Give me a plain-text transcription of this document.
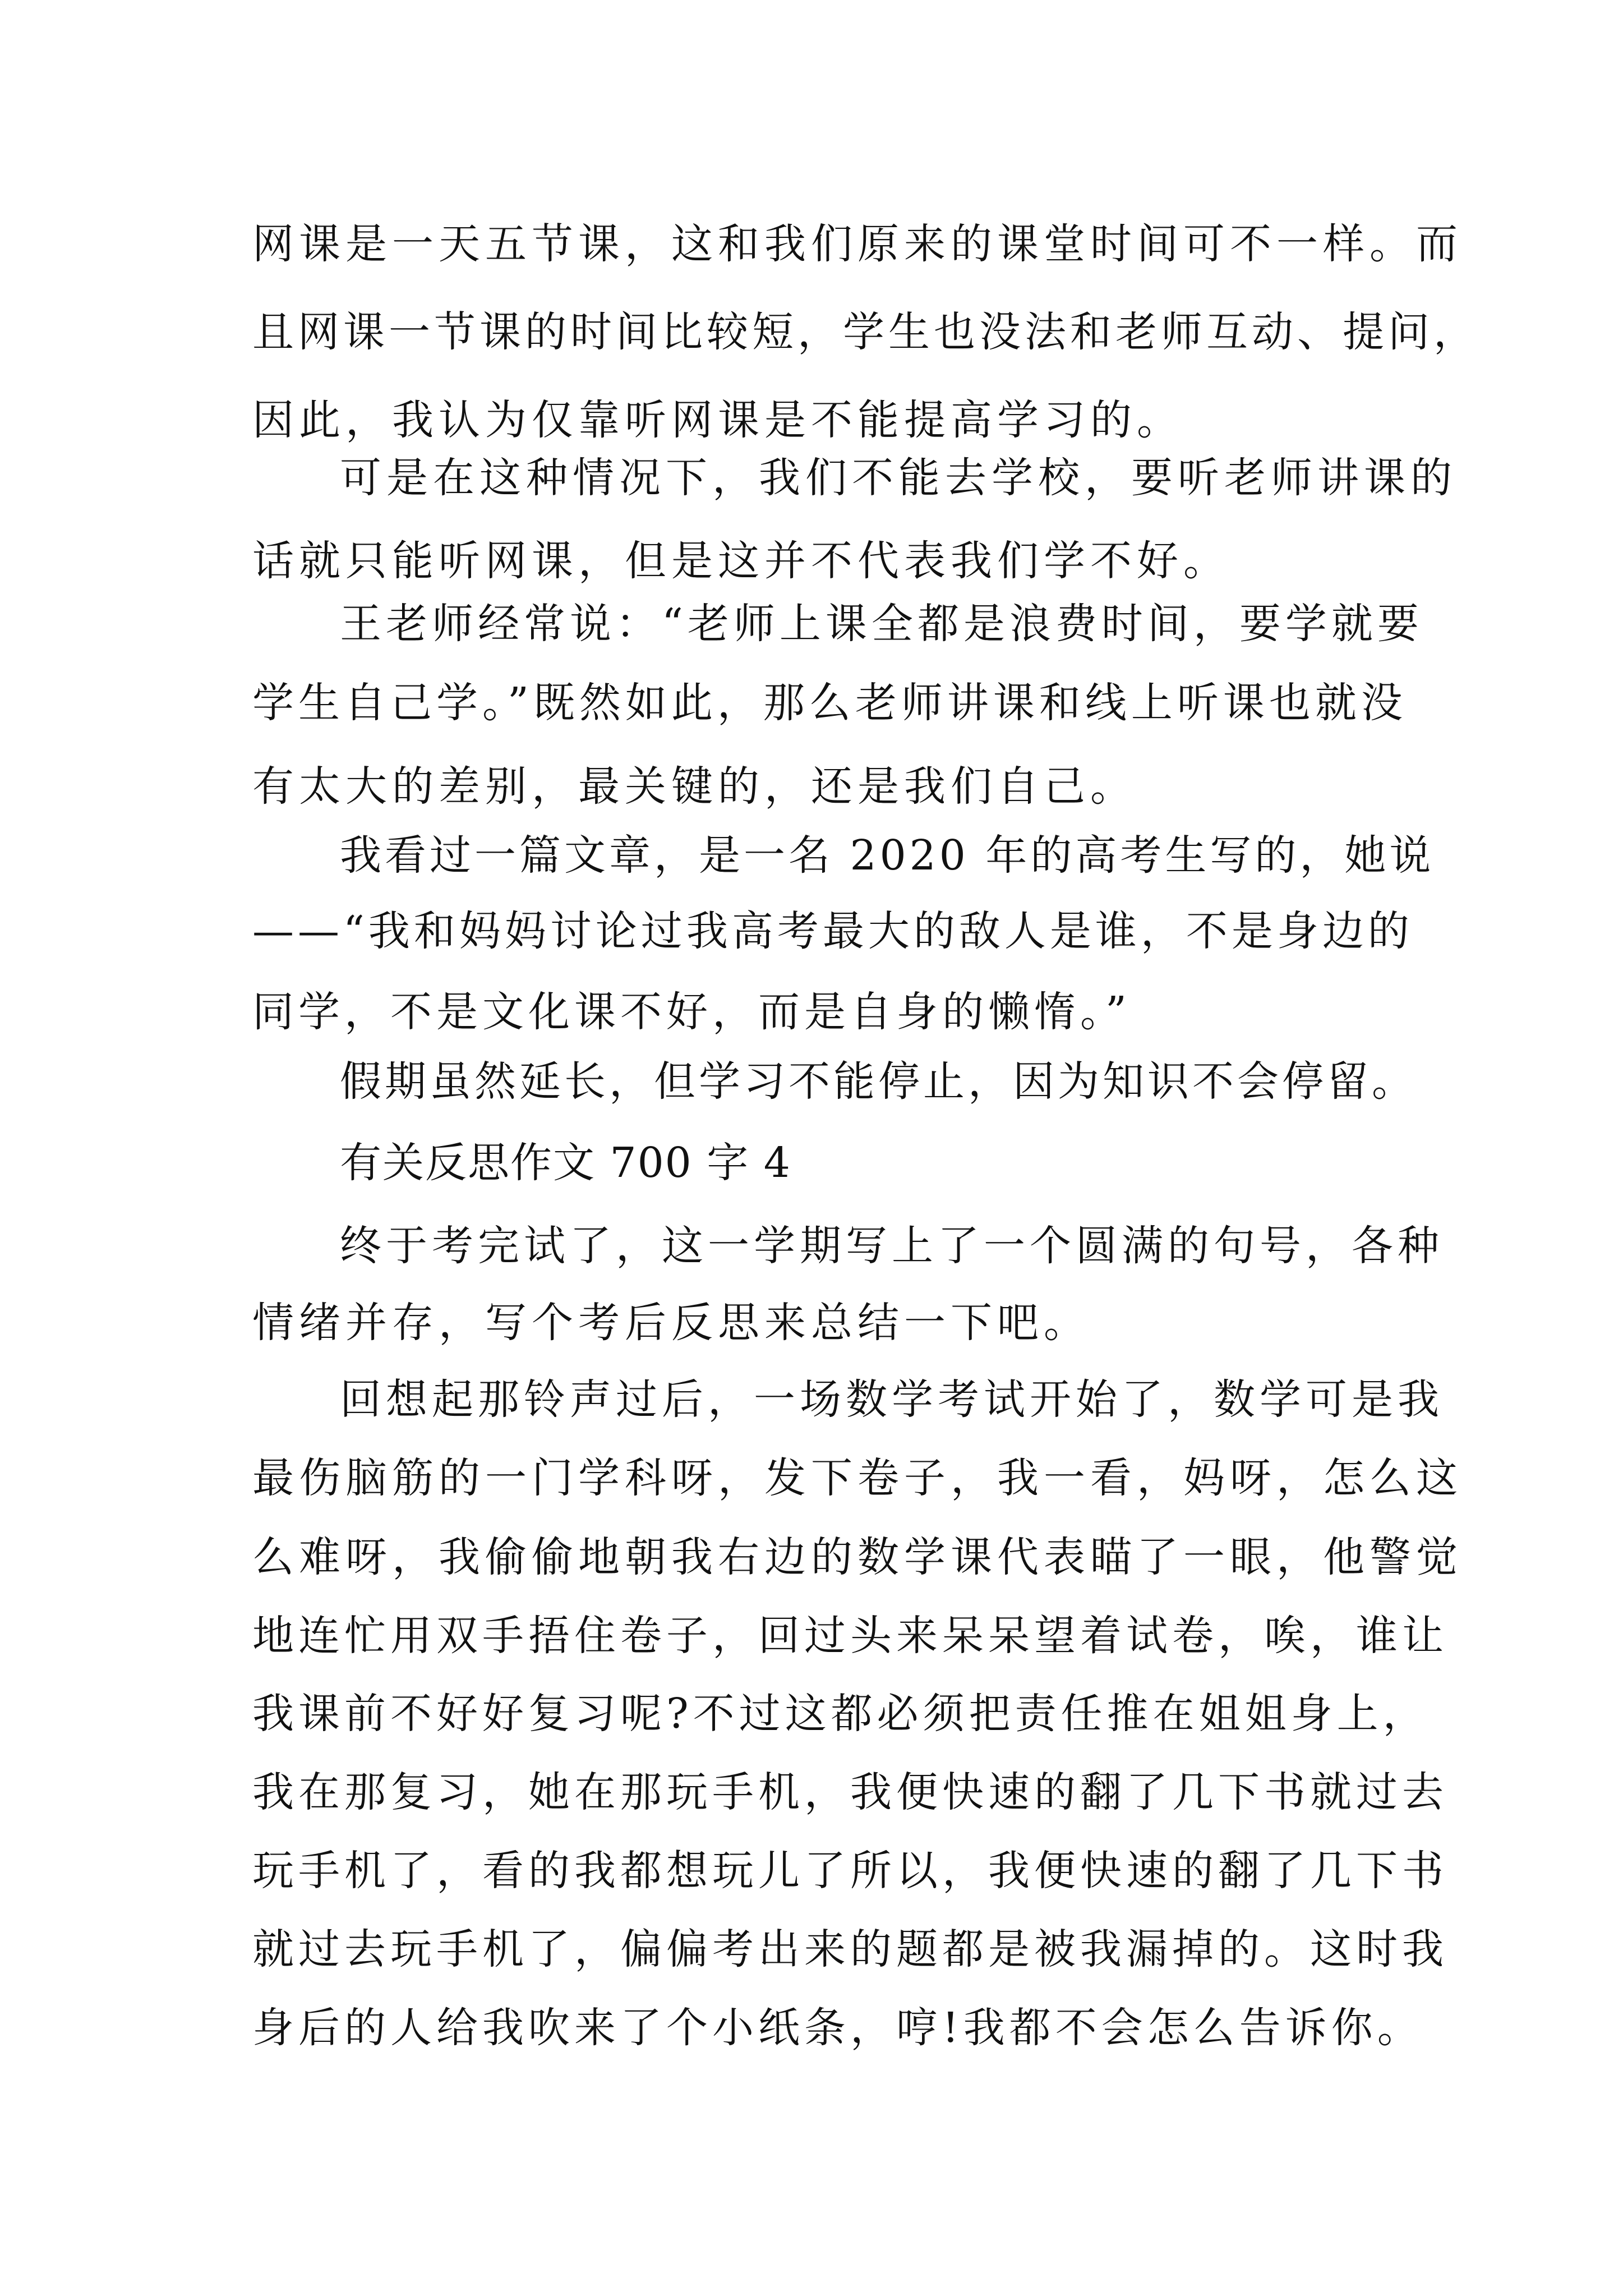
网课是一天五节课，这和我们原来的课堂时间可不一样。而
且网课一节课的时间比较短，学生也没法和老师互动、提问，
因此，我认为仅靠听网课是不能提高学习的。
可是在这种情况下，我们不能去学校，要听老师讲课的
话就只能听网课，但是这并不代表我们学不好。
王老师经常说：“老师上课全都是浪费时间，要学就要
学生自己学。”既然如此，那么老师讲课和线上听课也就没
有太大的差别，最关键的，还是我们自己。
我看过一篇文章，是一名 2020 年的高考生写的，她说
——“我和妈妈讨论过我高考最大的敌人是谁，不是身边的
同学，不是文化课不好，而是自身的懒惰。”
假期虽然延长，但学习不能停止，因为知识不会停留。
有关反思作文 700 字 4
终于考完试了，这一学期写上了一个圆满的句号，各种
情绪并存，写个考后反思来总结一下吧。
回想起那铃声过后，一场数学考试开始了，数学可是我
最伤脑筋的一门学科呀，发下卷子，我一看，妈呀，怎么这
么难呀，我偷偷地朝我右边的数学课代表瞄了一眼，他警觉
地连忙用双手捂住卷子，回过头来呆呆望着试卷，唉，谁让
我课前不好好复习呢?不过这都必须把责任推在姐姐身上，
我在那复习，她在那玩手机，我便快速的翻了几下书就过去
玩手机了，看的我都想玩儿了所以，我便快速的翻了几下书
就过去玩手机了，偏偏考出来的题都是被我漏掉的。这时我
身后的人给我吹来了个小纸条，哼!我都不会怎么告诉你。
